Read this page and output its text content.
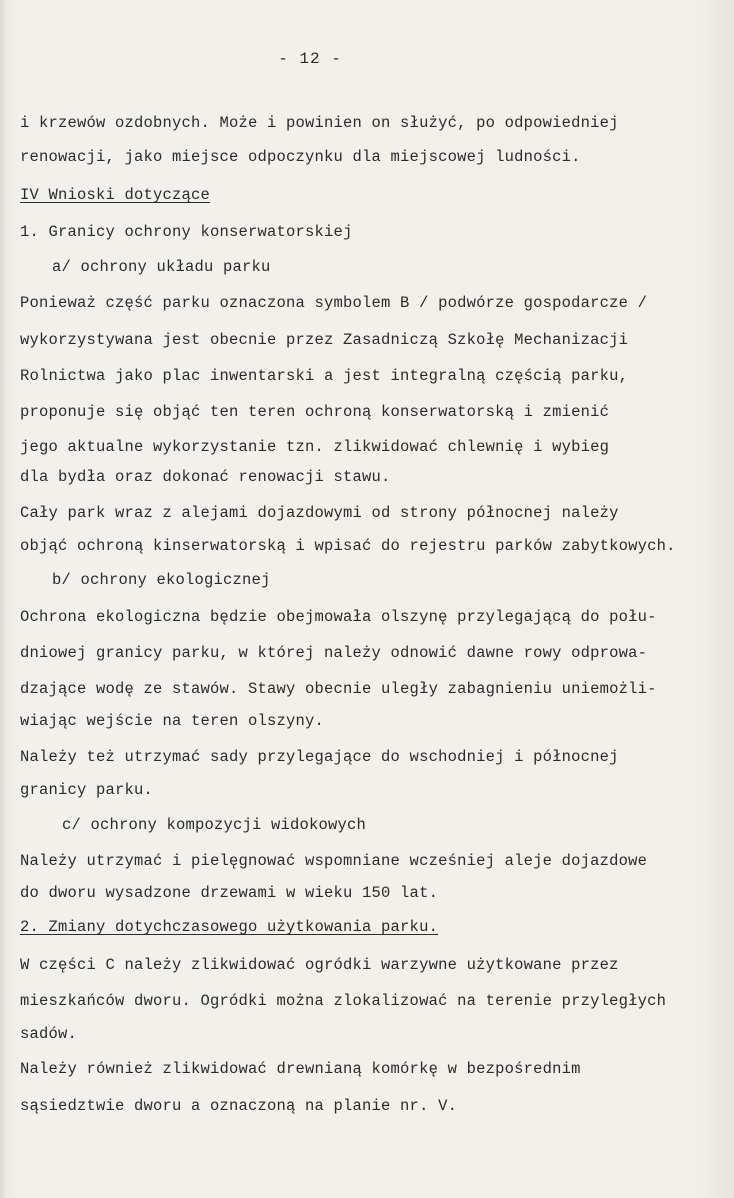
- 12 -
i krzewów ozdobnych. Może i powinien on służyć, po odpowiedniej
renowacji, jako miejsce odpoczynku dla miejscowej ludności.
IV Wnioski dotyczące
1. Granicy ochrony konserwatorskiej
a/ ochrony układu parku
Ponieważ część parku oznaczona symbolem B / podwórze gospodarcze /
wykorzystywana jest obecnie przez Zasadniczą Szkołę Mechanizacji
Rolnictwa jako plac inwentarski a jest integralną częścią parku,
proponuje się objąć ten teren ochroną konserwatorską i zmienić
jego aktualne wykorzystanie tzn. zlikwidować chlewnię i wybieg
dla bydła oraz dokonać renowacji stawu.
Cały park wraz z alejami dojazdowymi od strony północnej należy
objąć ochroną kinserwatorską i wpisać do rejestru parków zabytkowych.
b/ ochrony ekologicznej
Ochrona ekologiczna będzie obejmowała olszynę przylegającą do połu-
dniowej granicy parku, w której należy odnowić dawne rowy odprowa-
dzające wodę ze stawów. Stawy obecnie uległy zabagnieniu uniemożli-
wiając wejście na teren olszyny.
Należy też utrzymać sady przylegające do wschodniej i północnej
granicy parku.
c/ ochrony kompozycji widokowych
Należy utrzymać i pielęgnować wspomniane wcześniej aleje dojazdowe
do dworu wysadzone drzewami w wieku 150 lat.
2. Zmiany dotychczasowego użytkowania parku.
W części C należy zlikwidować ogródki warzywne użytkowane przez
mieszkańców dworu. Ogródki można zlokalizować na terenie przyległych
sadów.
Należy również zlikwidować drewnianą komórkę w bezpośrednim
sąsiedztwie dworu a oznaczoną na planie nr. V.
